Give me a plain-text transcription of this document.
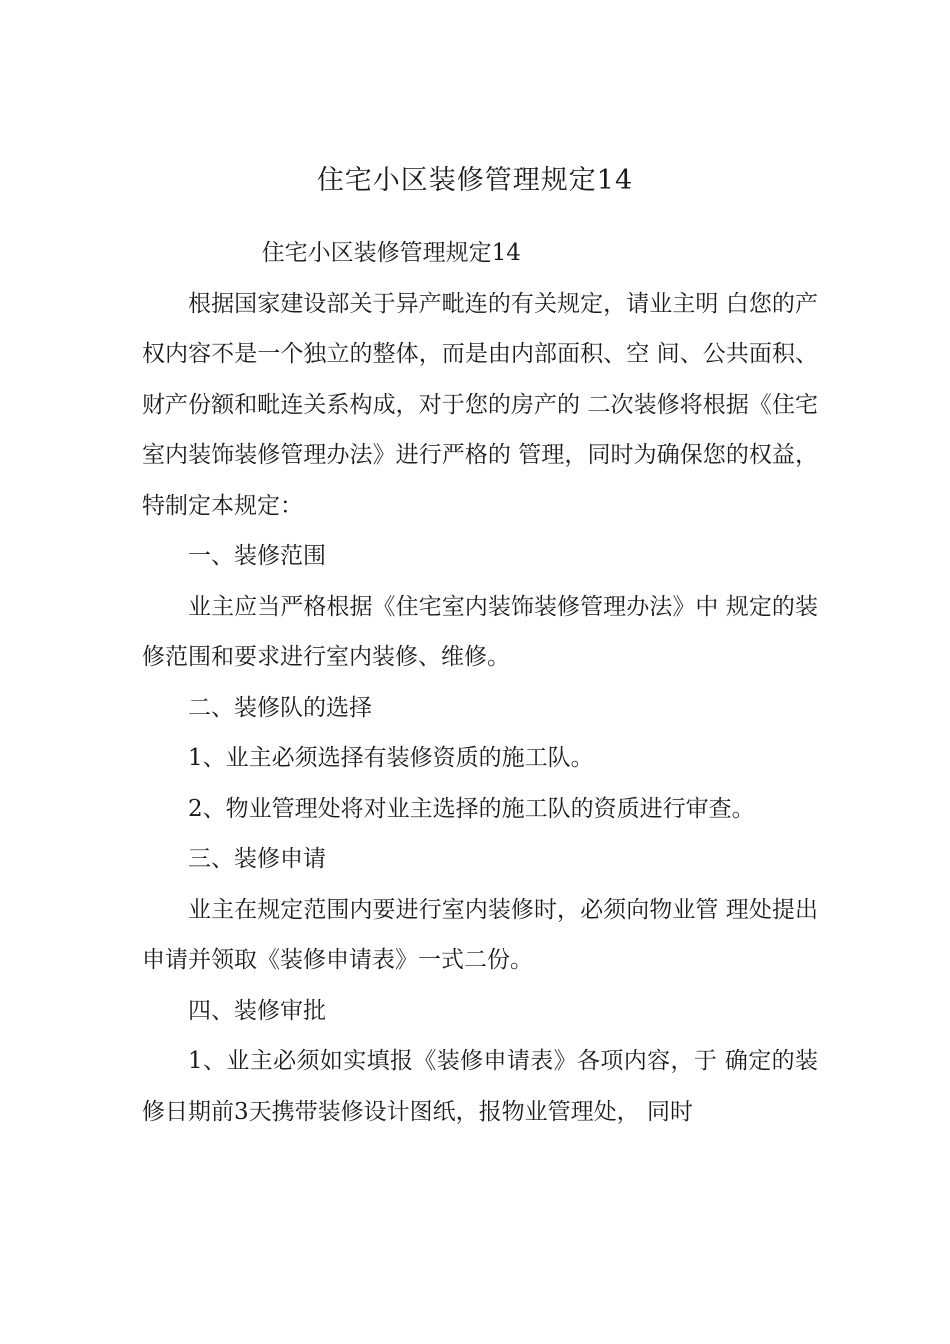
住宅小区装修管理规定14

住宅小区装修管理规定14

根据国家建设部关于异产毗连的有关规定，请业主明 白您的产权内容不是一个独立的整体，而是由内部面积、空 间、公共面积、财产份额和毗连关系构成，对于您的房产的 二次装修将根据《住宅室内装饰装修管理办法》进行严格的 管理，同时为确保您的权益，特制定本规定：

一、装修范围

业主应当严格根据《住宅室内装饰装修管理办法》中 规定的装修范围和要求进行室内装修、维修。

二、装修队的选择

1、业主必须选择有装修资质的施工队。

2、物业管理处将对业主选择的施工队的资质进行审查。

三、装修申请

业主在规定范围内要进行室内装修时，必须向物业管 理处提出申请并领取《装修申请表》一式二份。

四、装修审批

1、业主必须如实填报《装修申请表》各项内容，于 确定的装修日期前3天携带装修设计图纸，报物业管理处， 同时
